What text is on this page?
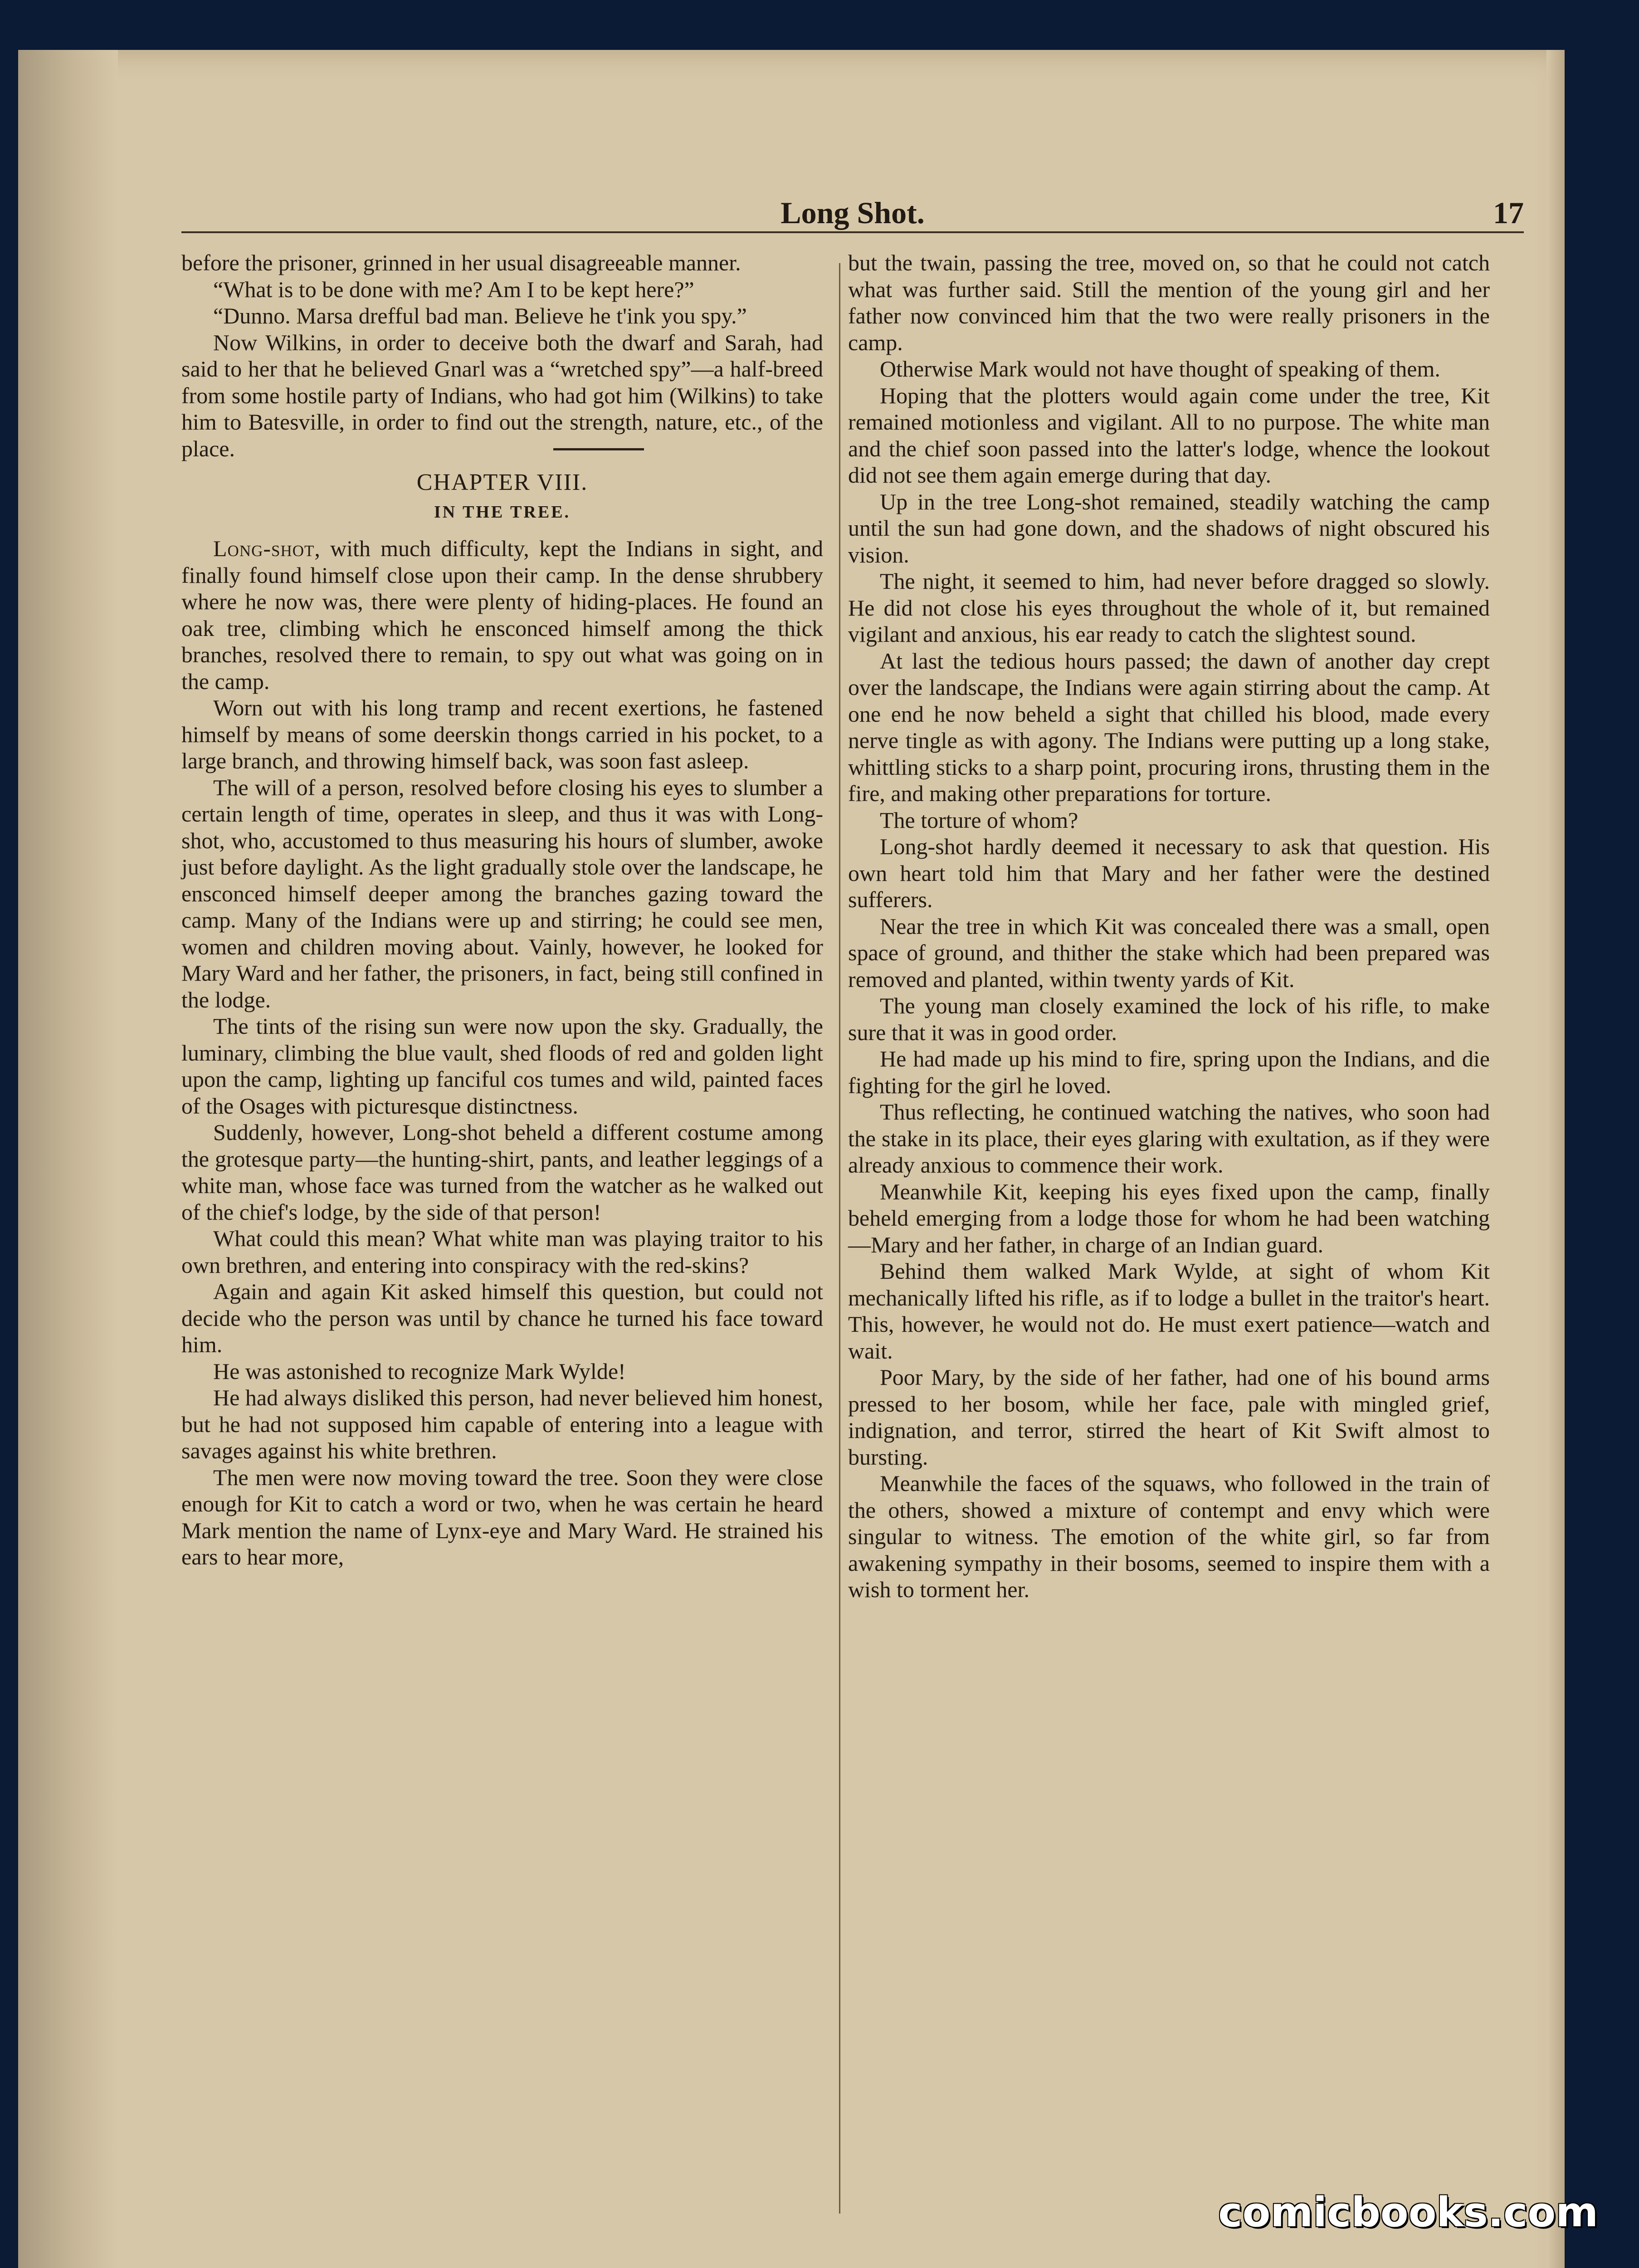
Long Shot.	17

before the prisoner, grinned in her usual disagreeable manner.

“What is to be done with me? Am I to be kept here?”

“Dunno. Marsa drefful bad man. Believe he t'ink you spy.”

Now Wilkins, in order to deceive both the dwarf and Sarah, had said to her that he believed Gnarl was a “wretched spy”—a half-breed from some hostile party of Indians, who had got him (Wilkins) to take him to Batesville, in order to find out the strength, nature, etc., of the place.

CHAPTER VIII.
IN THE TREE.

Long-shot, with much difficulty, kept the Indians in sight, and finally found himself close upon their camp. In the dense shrubbery where he now was, there were plenty of hiding-places. He found an oak tree, climbing which he ensconced himself among the thick branches, resolved there to remain, to spy out what was going on in the camp.

Worn out with his long tramp and recent exertions, he fastened himself by means of some deerskin thongs carried in his pocket, to a large branch, and throwing himself back, was soon fast asleep.

The will of a person, resolved before closing his eyes to slumber a certain length of time, operates in sleep, and thus it was with Long-shot, who, accustomed to thus measuring his hours of slumber, awoke just before daylight. As the light gradually stole over the landscape, he ensconced himself deeper among the branches gazing toward the camp. Many of the Indians were up and stirring; he could see men, women and children moving about. Vainly, however, he looked for Mary Ward and her father, the prisoners, in fact, being still confined in the lodge.

The tints of the rising sun were now upon the sky. Gradually, the luminary, climbing the blue vault, shed floods of red and golden light upon the camp, lighting up fanciful cos tumes and wild, painted faces of the Osages with picturesque distinctness.

Suddenly, however, Long-shot beheld a different costume among the grotesque party—the hunting-shirt, pants, and leather leggings of a white man, whose face was turned from the watcher as he walked out of the chief's lodge, by the side of that person!

What could this mean? What white man was playing traitor to his own brethren, and entering into conspiracy with the red-skins?

Again and again Kit asked himself this question, but could not decide who the person was until by chance he turned his face toward him.

He was astonished to recognize Mark Wylde!

He had always disliked this person, had never believed him honest, but he had not supposed him capable of entering into a league with savages against his white brethren.

The men were now moving toward the tree. Soon they were close enough for Kit to catch a word or two, when he was certain he heard Mark mention the name of Lynx-eye and Mary Ward. He strained his ears to hear more,

but the twain, passing the tree, moved on, so that he could not catch what was further said. Still the mention of the young girl and her father now convinced him that the two were really prisoners in the camp.

Otherwise Mark would not have thought of speaking of them.

Hoping that the plotters would again come under the tree, Kit remained motionless and vigilant. All to no purpose. The white man and the chief soon passed into the latter's lodge, whence the lookout did not see them again emerge during that day.

Up in the tree Long-shot remained, steadily watching the camp until the sun had gone down, and the shadows of night obscured his vision.

The night, it seemed to him, had never before dragged so slowly. He did not close his eyes throughout the whole of it, but remained vigilant and anxious, his ear ready to catch the slightest sound.

At last the tedious hours passed; the dawn of another day crept over the landscape, the Indians were again stirring about the camp. At one end he now beheld a sight that chilled his blood, made every nerve tingle as with agony. The Indians were putting up a long stake, whittling sticks to a sharp point, procuring irons, thrusting them in the fire, and making other preparations for torture.

The torture of whom?

Long-shot hardly deemed it necessary to ask that question. His own heart told him that Mary and her father were the destined sufferers.

Near the tree in which Kit was concealed there was a small, open space of ground, and thither the stake which had been prepared was removed and planted, within twenty yards of Kit.

The young man closely examined the lock of his rifle, to make sure that it was in good order.

He had made up his mind to fire, spring upon the Indians, and die fighting for the girl he loved.

Thus reflecting, he continued watching the natives, who soon had the stake in its place, their eyes glaring with exultation, as if they were already anxious to commence their work.

Meanwhile Kit, keeping his eyes fixed upon the camp, finally beheld emerging from a lodge those for whom he had been watching—Mary and her father, in charge of an Indian guard.

Behind them walked Mark Wylde, at sight of whom Kit mechanically lifted his rifle, as if to lodge a bullet in the traitor's heart. This, however, he would not do. He must exert patience—watch and wait.

Poor Mary, by the side of her father, had one of his bound arms pressed to her bosom, while her face, pale with mingled grief, indignation, and terror, stirred the heart of Kit Swift almost to bursting.

Meanwhile the faces of the squaws, who followed in the train of the others, showed a mixture of contempt and envy which were singular to witness. The emotion of the white girl, so far from awakening sympathy in their bosoms, seemed to inspire them with a wish to torment her.

comicbooks.com
